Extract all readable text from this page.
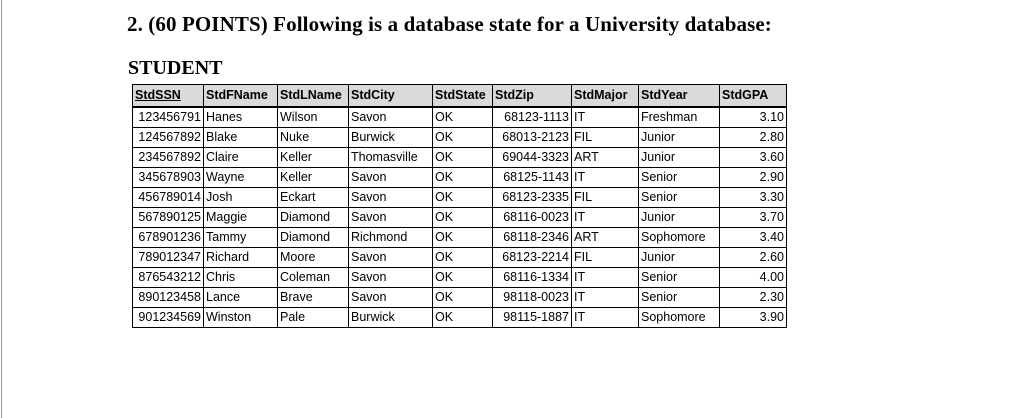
2. (60 POINTS) Following is a database state for a University database:
STUDENT
StdSSN	StdFName	StdLName	StdCity	StdState	StdZip	StdMajor	StdYear	StdGPA
123456791	Hanes	Wilson	Savon	OK	68123-1113	IT	Freshman	3.10
124567892	Blake	Nuke	Burwick	OK	68013-2123	FIL	Junior	2.80
234567892	Claire	Keller	Thomasville	OK	69044-3323	ART	Junior	3.60
345678903	Wayne	Keller	Savon	OK	68125-1143	IT	Senior	2.90
456789014	Josh	Eckart	Savon	OK	68123-2335	FIL	Senior	3.30
567890125	Maggie	Diamond	Savon	OK	68116-0023	IT	Junior	3.70
678901236	Tammy	Diamond	Richmond	OK	68118-2346	ART	Sophomore	3.40
789012347	Richard	Moore	Savon	OK	68123-2214	FIL	Junior	2.60
876543212	Chris	Coleman	Savon	OK	68116-1334	IT	Senior	4.00
890123458	Lance	Brave	Savon	OK	98118-0023	IT	Senior	2.30
901234569	Winston	Pale	Burwick	OK	98115-1887	IT	Sophomore	3.90
